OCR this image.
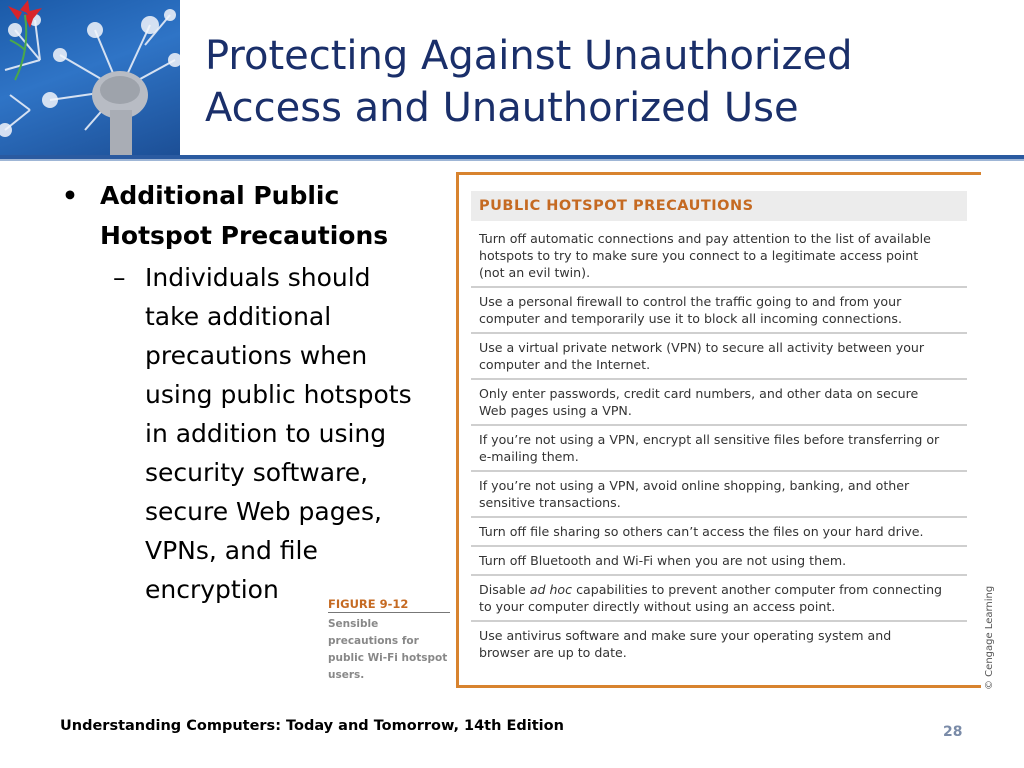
Protecting Against Unauthorized
Access and Unauthorized Use
• Additional Public
Hotspot Precautions
– Individuals should
take additional
precautions when
using public hotspots
in addition to using
security software,
secure Web pages,
VPNs, and file
encryption
PUBLIC HOTSPOT PRECAUTIONS
Turn off automatic connections and pay attention to the list of available
hotspots to try to make sure you connect to a legitimate access point
(not an evil twin).
Use a personal firewall to control the traffic going to and from your
computer and temporarily use it to block all incoming connections.
Use a virtual private network (VPN) to secure all activity between your
computer and the Internet.
Only enter passwords, credit card numbers, and other data on secure
Web pages using a VPN.
If you’re not using a VPN, encrypt all sensitive files before transferring or
e-mailing them.
If you’re not using a VPN, avoid online shopping, banking, and other
sensitive transactions.
Turn off file sharing so others can’t access the files on your hard drive.
Turn off Bluetooth and Wi-Fi when you are not using them.
Disable ad hoc capabilities to prevent another computer from connecting
to your computer directly without using an access point.
Use antivirus software and make sure your operating system and
browser are up to date.
FIGURE 9-12
Sensible
precautions for
public Wi-Fi hotspot
users.	© Cengage Learning
Understanding Computers: Today and Tomorrow, 14th Edition	28
